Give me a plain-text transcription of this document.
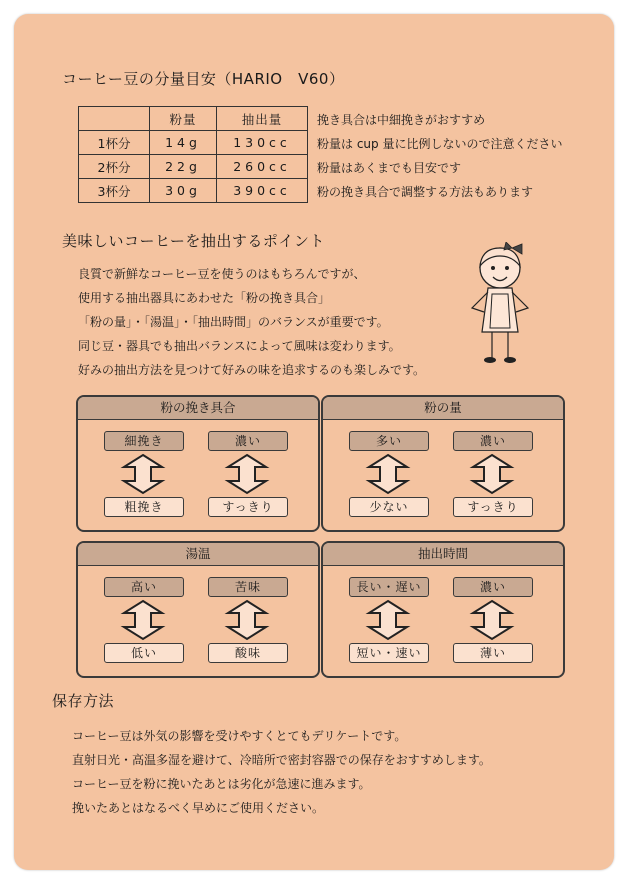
コーヒー豆の分量目安（HARIO　V60）
	粉量	抽出量
1杯分	14g	130cc
2杯分	22g	260cc
3杯分	30g	390cc
挽き具合は中細挽きがおすすめ
粉量は cup 量に比例しないので注意ください
粉量はあくまでも目安です
粉の挽き具合で調整する方法もあります
美味しいコーヒーを抽出するポイント
良質で新鮮なコーヒー豆を使うのはもちろんですが、
使用する抽出器具にあわせた「粉の挽き具合」
「粉の量」・「湯温」・「抽出時間」のバランスが重要です。
同じ豆・器具でも抽出バランスによって風味は変わります。
好みの抽出方法を見つけて好みの味を追求するのも楽しみです。
粉の挽き具合
細挽き	濃い
粗挽き	すっきり
粉の量
多い	濃い
少ない	すっきり
湯温
高い	苦味
低い	酸味
抽出時間
長い・遅い	濃い
短い・速い	薄い
保存方法
コーヒー豆は外気の影響を受けやすくとてもデリケートです。
直射日光・高温多湿を避けて、冷暗所で密封容器での保存をおすすめします。
コーヒー豆を粉に挽いたあとは劣化が急速に進みます。
挽いたあとはなるべく早めにご使用ください。
